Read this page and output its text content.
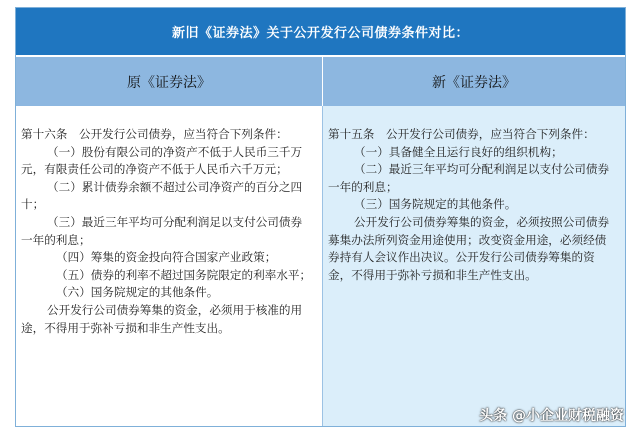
新旧《证券法》关于公开发行公司债券条件对比：
原《证券法》	新《证券法》

第十六条　公开发行公司债券，应当符合下列条件：

（一）股份有限公司的净资产不低于人民币三千万元，有限责任公司的净资产不低于人民币六千万元；

（二）累计债券余额不超过公司净资产的百分之四十；

（三）最近三年平均可分配利润足以支付公司债券一年的利息；

（四）筹集的资金投向符合国家产业政策；

（五）债券的利率不超过国务院限定的利率水平；

（六）国务院规定的其他条件。

公开发行公司债券筹集的资金，必须用于核准的用途，不得用于弥补亏损和非生产性支出。

第十五条　公开发行公司债券，应当符合下列条件：

（一）具备健全且运行良好的组织机构；

（二）最近三年平均可分配利润足以支付公司债券一年的利息；

（三）国务院规定的其他条件。

公开发行公司债券筹集的资金，必须按照公司债券募集办法所列资金用途使用；改变资金用途，必须经债券持有人会议作出决议。公开发行公司债券筹集的资金，不得用于弥补亏损和非生产性支出。

头条 @小企业财税融资
